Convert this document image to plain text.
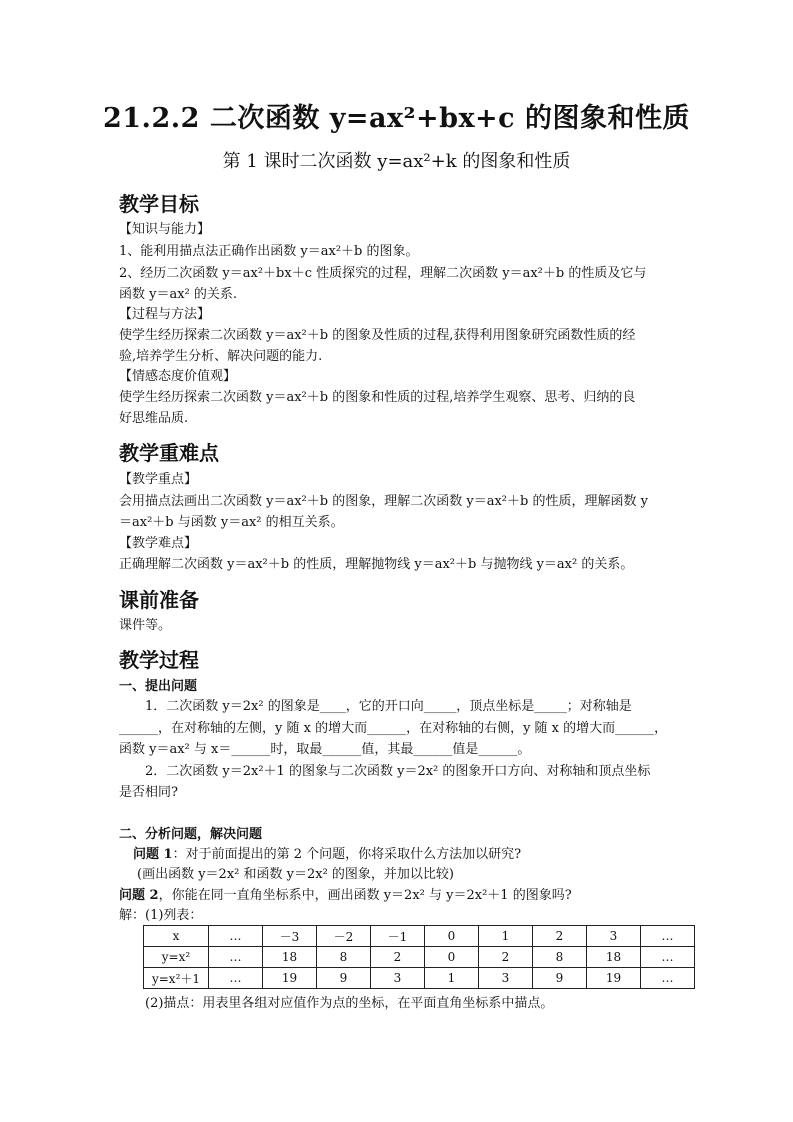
21.2.2 二次函数 y=ax²+bx+c 的图象和性质
第 1 课时二次函数 y=ax²+k 的图象和性质
教学目标
【知识与能力】
1、能利用描点法正确作出函数 y＝ax²＋b 的图象。
2、经历二次函数 y＝ax²＋bx＋c 性质探究的过程，理解二次函数 y＝ax²＋b 的性质及它与
函数 y＝ax² 的关系.
【过程与方法】
使学生经历探索二次函数 y＝ax²＋b 的图象及性质的过程,获得利用图象研究函数性质的经
验,培养学生分析、解决问题的能力.
【情感态度价值观】
使学生经历探索二次函数 y＝ax²＋b 的图象和性质的过程,培养学生观察、思考、归纳的良
好思维品质.
教学重难点
【教学重点】
会用描点法画出二次函数 y＝ax²＋b 的图象，理解二次函数 y＝ax²＋b 的性质，理解函数 y
＝ax²＋b 与函数 y＝ax² 的相互关系。
【教学难点】
正确理解二次函数 y＝ax²＋b 的性质，理解抛物线 y＝ax²＋b 与抛物线 y＝ax² 的关系。
课前准备
课件等。
教学过程
一、提出问题
1．二次函数 y＝2x² 的图象是____，它的开口向_____，顶点坐标是_____；对称轴是
______，在对称轴的左侧，y 随 x 的增大而______，在对称轴的右侧，y 随 x 的增大而______，
函数 y＝ax² 与 x＝______时，取最______值，其最______值是______。
2．二次函数 y＝2x²＋1 的图象与二次函数 y＝2x² 的图象开口方向、对称轴和顶点坐标
是否相同?
二、分析问题，解决问题
问题 1：对于前面提出的第 2 个问题，你将采取什么方法加以研究?
(画出函数 y＝2x² 和函数 y＝2x² 的图象，并加以比较)
问题 2，你能在同一直角坐标系中，画出函数 y＝2x² 与 y＝2x²＋1 的图象吗?
解：(1)列表：
x	…	－3	－2	－1	0	1	2	3	…
y=x²	…	18	8	2	0	2	8	18	…
y=x²＋1	…	19	9	3	1	3	9	19	…
(2)描点：用表里各组对应值作为点的坐标，在平面直角坐标系中描点。
